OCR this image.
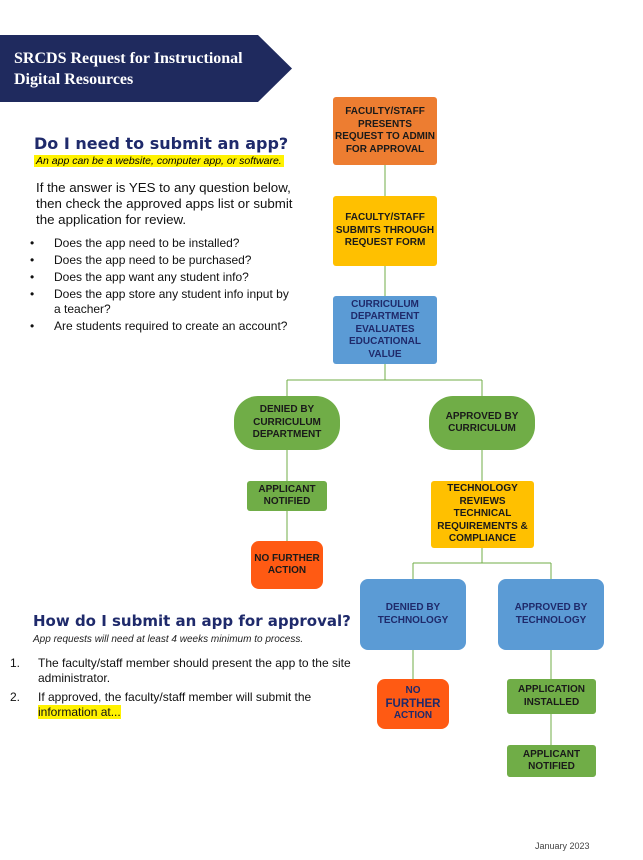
SRCDS Request for Instructional
Digital Resources
Do I need to submit an app?
An app can be a website, computer app, or software.
If the answer is YES to any question below, then check the approved apps list or submit the application for review.
• Does the app need to be installed?
• Does the app need to be purchased?
• Does the app want any student info?
• Does the app store any student info input by a teacher?
• Are students required to create an account?
How do I submit an app for approval?
App requests will need at least 4 weeks minimum to process.
1. The faculty/staff member should present the app to the site administrator.
2. If approved, the faculty/staff member will submit the information at...
FACULTY/STAFF PRESENTS REQUEST TO ADMIN FOR APPROVAL
FACULTY/STAFF SUBMITS THROUGH REQUEST FORM
CURRICULUM DEPARTMENT EVALUATES EDUCATIONAL VALUE
DENIED BY CURRICULUM DEPARTMENT
APPROVED BY CURRICULUM
APPLICANT NOTIFIED
NO FURTHER ACTION
TECHNOLOGY REVIEWS TECHNICAL REQUIREMENTS & COMPLIANCE
DENIED BY TECHNOLOGY
APPROVED BY TECHNOLOGY
NO
FURTHER
ACTION
APPLICATION INSTALLED
APPLICANT NOTIFIED
January 2023
